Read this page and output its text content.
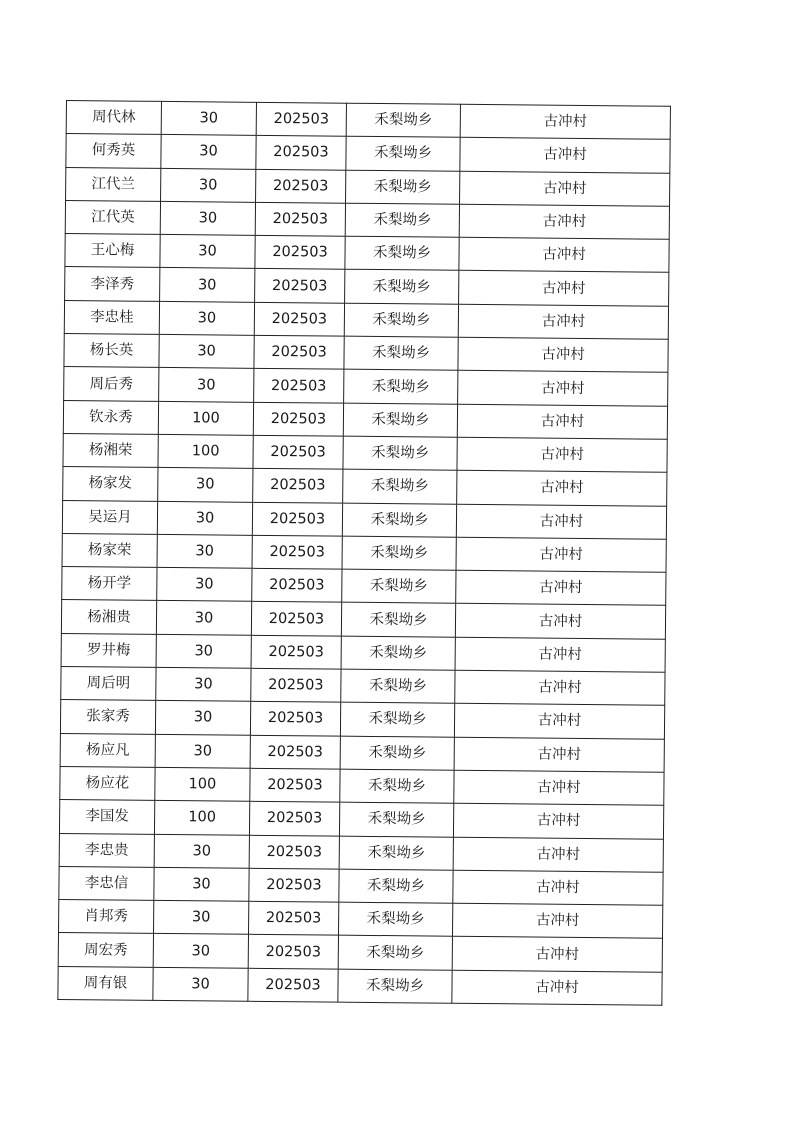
周代林	30	202503	禾梨坳乡	古冲村
何秀英	30	202503	禾梨坳乡	古冲村
江代兰	30	202503	禾梨坳乡	古冲村
江代英	30	202503	禾梨坳乡	古冲村
王心梅	30	202503	禾梨坳乡	古冲村
李泽秀	30	202503	禾梨坳乡	古冲村
李忠桂	30	202503	禾梨坳乡	古冲村
杨长英	30	202503	禾梨坳乡	古冲村
周后秀	30	202503	禾梨坳乡	古冲村
钦永秀	100	202503	禾梨坳乡	古冲村
杨湘荣	100	202503	禾梨坳乡	古冲村
杨家发	30	202503	禾梨坳乡	古冲村
吴运月	30	202503	禾梨坳乡	古冲村
杨家荣	30	202503	禾梨坳乡	古冲村
杨开学	30	202503	禾梨坳乡	古冲村
杨湘贵	30	202503	禾梨坳乡	古冲村
罗井梅	30	202503	禾梨坳乡	古冲村
周后明	30	202503	禾梨坳乡	古冲村
张家秀	30	202503	禾梨坳乡	古冲村
杨应凡	30	202503	禾梨坳乡	古冲村
杨应花	100	202503	禾梨坳乡	古冲村
李国发	100	202503	禾梨坳乡	古冲村
李忠贵	30	202503	禾梨坳乡	古冲村
李忠信	30	202503	禾梨坳乡	古冲村
肖邦秀	30	202503	禾梨坳乡	古冲村
周宏秀	30	202503	禾梨坳乡	古冲村
周有银	30	202503	禾梨坳乡	古冲村
